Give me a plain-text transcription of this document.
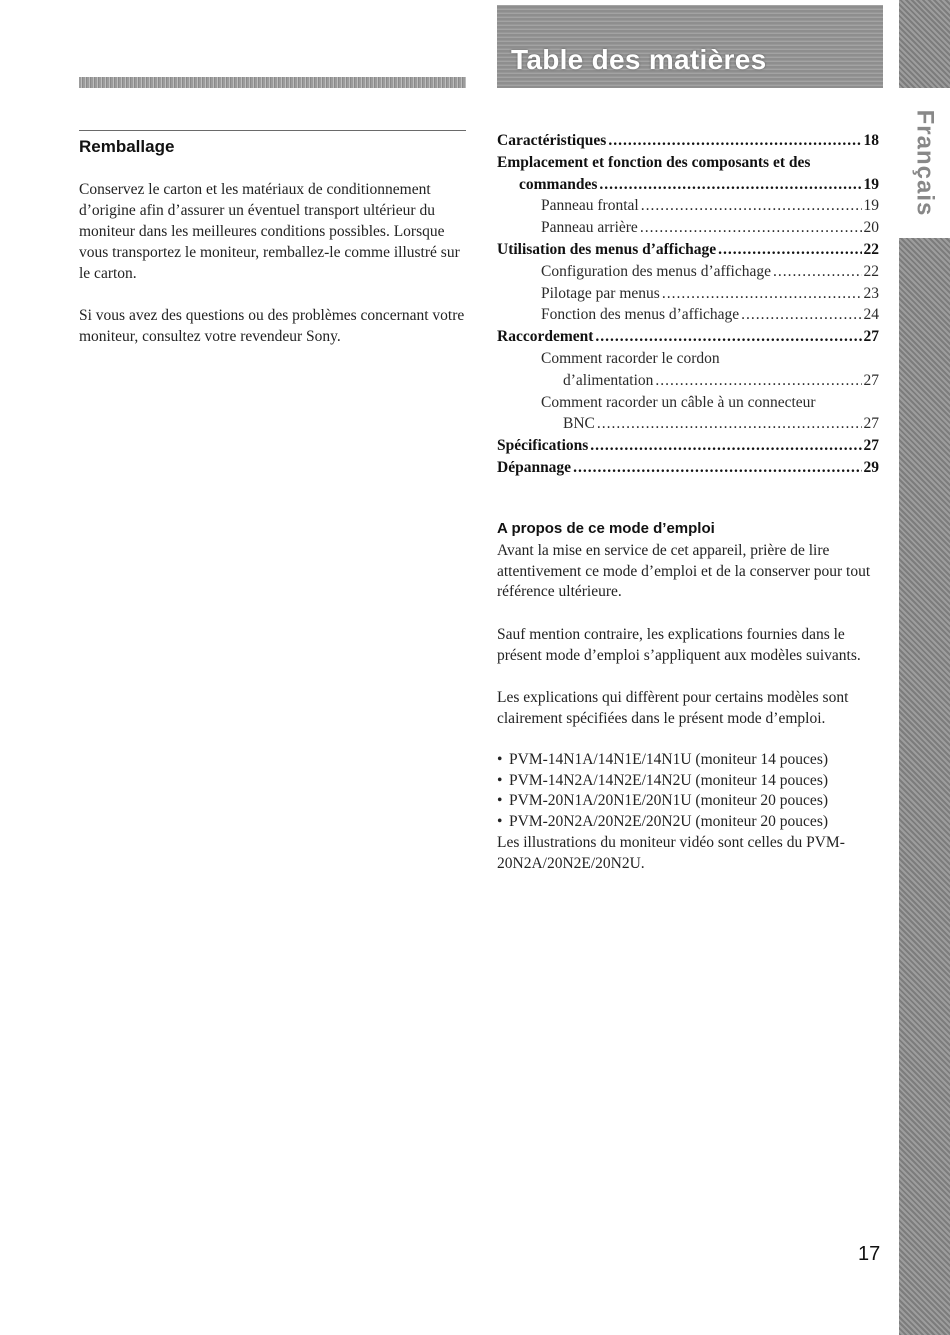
Remballage

Conservez le carton et les matériaux de conditionnement d’origine afin d’assurer un éventuel transport ultérieur du moniteur dans les meilleures conditions possibles. Lorsque vous transportez le moniteur, remballez-le comme illustré sur le carton.

Si vous avez des questions ou des problèmes concernant votre moniteur, consultez votre revendeur Sony.

Table des matières
Français
Caractéristiques .....	18
Emplacement et fonction des composants et des
commandes .....	19
Panneau frontal .....	19
Panneau arrière .....	20
Utilisation des menus d’affichage .....	22
Configuration des menus d’affichage .....	22
Pilotage par menus .....	23
Fonction des menus d’affichage .....	24
Raccordement .....	27
Comment racorder le cordon
d’alimentation .....	27
Comment racorder un câble à un connecteur
BNC .....	27
Spécifications .....	27
Dépannage .....	29
A propos de ce mode d’emploi

Avant la mise en service de cet appareil, prière de lire attentivement ce mode d’emploi et de la conserver pour tout référence ultérieure.

Sauf mention contraire, les explications fournies dans le présent mode d’emploi s’appliquent aux modèles suivants.

Les explications qui diffèrent pour certains modèles sont clairement spécifiées dans le présent mode d’emploi.

• PVM-14N1A/14N1E/14N1U (moniteur 14 pouces)
• PVM-14N2A/14N2E/14N2U (moniteur 14 pouces)
• PVM-20N1A/20N1E/20N1U (moniteur 20 pouces)
• PVM-20N2A/20N2E/20N2U (moniteur 20 pouces)

Les illustrations du moniteur vidéo sont celles du PVM-20N2A/20N2E/20N2U.

17
